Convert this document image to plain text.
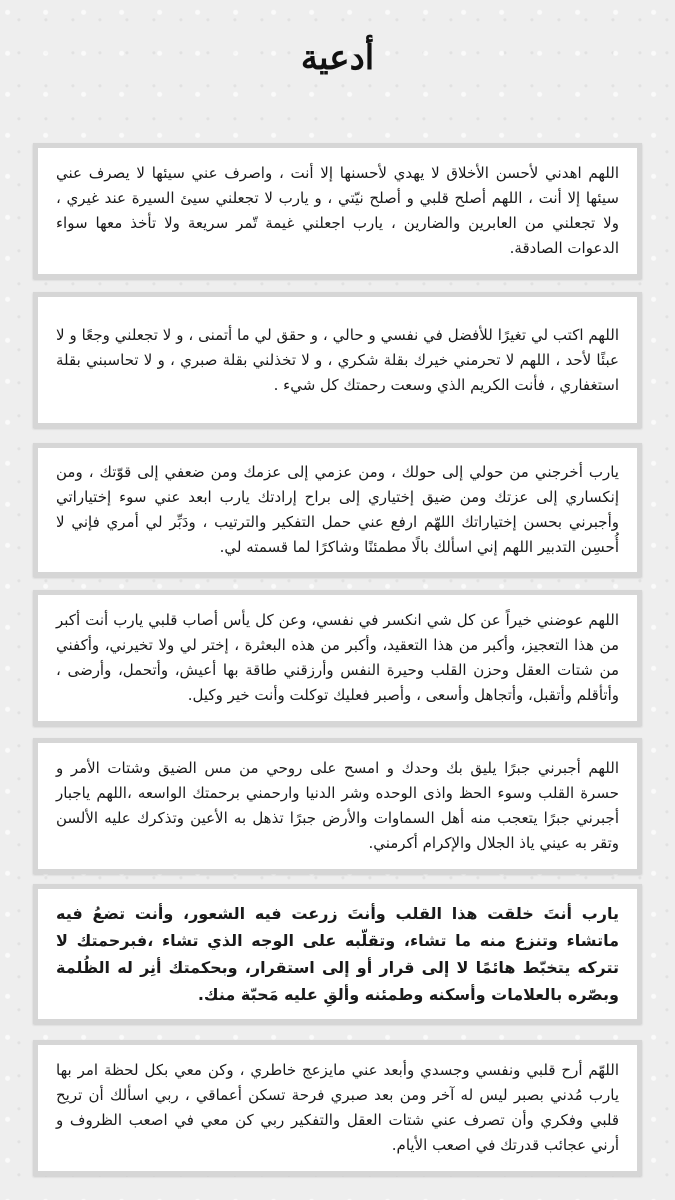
أدعية

اللهم اهدني لأحسن الأخلاق لا يهدي لأحسنها إلا أنت ، واصرف عني سيئها لا يصرف عني سيئها إلا أنت ، اللهم أصلح قلبي و أصلح نيّتي ، و يارب لا تجعلني سيئ السيرة عند غيري ، ولا تجعلني من العابرين والضارين ، يارب اجعلني غيمة تّمر سريعة ولا تأخذ معها سواء الدعوات الصادقة.

اللهم اكتب لي تغيرًا للأفضل في نفسي و حالي ، و حقق لي ما أتمنى ، و لا تجعلني وجعًا و لا عبئًا لأحد ، اللهم لا تحرمني خيرك بقلة شكري ، و لا تخذلني بقلة صبري ، و لا تحاسبني بقلة استغفاري ، فأنت الكريم الذي وسعت رحمتك كل شيء .

يارب أخرجني من حولي إلى حولك ، ومن عزمي إلى عزمك ومن ضعفي إلى قوّتك ، ومن إنكساري إلى عزتك ومن ضيق إختياري إلى براح إرادتك يارب ابعد عني سوء إختياراتي وأجبرني بحسن إختياراتك اللهّم ارفع عني حمل التفكير والترتيب ، ودَبِّر لي أمري فإني لا أُحسِن التدبير اللهم إني اسألك بالًا مطمئنًا وشاكرًا لما قسمته لي.

اللهم عوضني خيراً عن كل شي انكسر في نفسي، وعن كل يأس أصاب قلبي يارب أنت أكبر من هذا التعجيز، وأكبر من هذا التعقيد، وأكبر من هذه البعثرة ، إختر لي ولا تخيرني، وأكفني من شتات العقل وحزن القلب وحيرة النفس وأرزقني طاقة بها أعيش، وأتحمل، وأرضى ، وأتأقلم وأتقبل، وأتجاهل وأسعى ، وأصبر فعليك توكلت وأنت خير وكيل.

اللهم أجبرني جبرًا يليق بك وحدك و امسح على روحي من مس الضيق وشتات الأمر و حسرة القلب وسوء الحظ واذى الوحده وشر الدنيا وارحمني برحمتك الواسعه ،اللهم ياجبار أجبرني جبرًا يتعجب منه أهل السماوات والأرض جبرًا تذهل به الأعين وتذكرك عليه الألسن وتقر به عيني ياذ الجلال والإكرام أكرمني.

يارب أنتَ خلقت هذا القلب وأنتَ زرعت فيه الشعور، وأنت تضعُ فيه ماتشاء وتنزع منه ما تشاء، وتقلّبه على الوجه الذي تشاء ،فبرحمتك لا تتركه يتخبّط هائمًا لا إلى قرار أو إلى استقرار، وبحكمتك أنِر له الظُلمة وبصّره بالعلامات وأسكنه وطمئنه وألقِ عليه مَحبّة منك.

اللهّم أرح قلبي ونفسي وجسدي وأبعد عني مايزعج خاطري ، وكن معي بكل لحظة امر بها يارب مُدني بصبر ليس له آخر ومن بعد صبري فرحة تسكن أعماقي ، ربي اسألك أن تريح قلبي وفكري وأن تصرف عني شتات العقل والتفكير ربي كن معي في اصعب الظروف و أرني عجائب قدرتك في اصعب الأيام.
